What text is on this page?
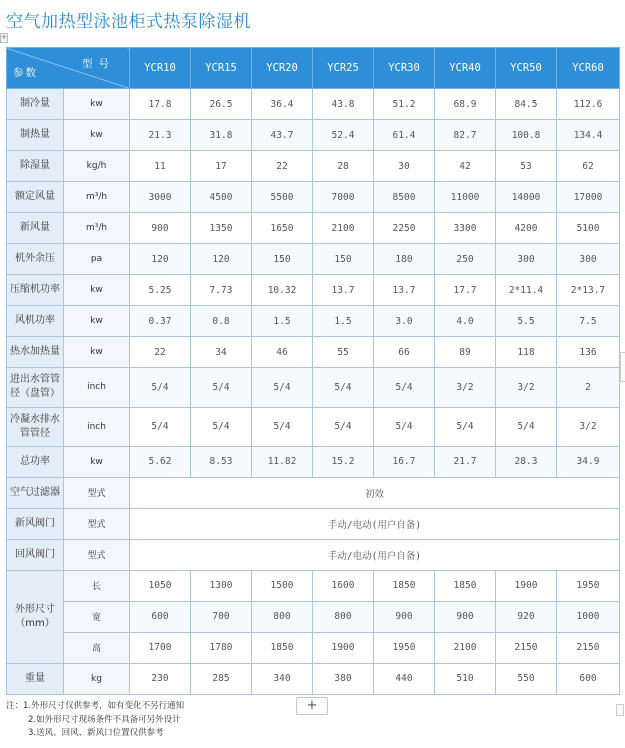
空气加热型泳池柜式热泵除湿机
+
型号
参数		YCR10	YCR15	YCR20	YCR25	YCR30	YCR40	YCR50	YCR60
制冷量	kw	17.8	26.5	36.4	43.8	51.2	68.9	84.5	112.6
制热量	kw	21.3	31.8	43.7	52.4	61.4	82.7	100.8	134.4
除湿量	kg/h	11	17	22	28	30	42	53	62
额定风量	m³/h	3000	4500	5500	7000	8500	11000	14000	17000
新风量	m³/h	900	1350	1650	2100	2250	3300	4200	5100
机外余压	pa	120	120	150	150	180	250	300	300
压缩机功率	kw	5.25	7.73	10.32	13.7	13.7	17.7	2*11.4	2*13.7
风机功率	kw	0.37	0.8	1.5	1.5	3.0	4.0	5.5	7.5
热水加热量	kw	22	34	46	55	66	89	118	136
进出水管管径（盘管）	inch	5/4	5/4	5/4	5/4	5/4	3/2	3/2	2
冷凝水排水管管径	inch	5/4	5/4	5/4	5/4	5/4	5/4	5/4	3/2
总功率	kw	5.62	8.53	11.82	15.2	16.7	21.7	28.3	34.9
空气过滤器	型式	初效							
新风阀门	型式	手动/电动(用户自备)							
回风阀门	型式	手动/电动(用户自备)							
外形尺寸（mm）	长	1050	1300	1500	1600	1850	1850	1900	1950
	宽	600	700	800	800	900	900	920	1000
	高	1700	1780	1850	1900	1950	2100	2150	2150
重量	kg	230	285	340	380	440	510	550	600
+
注：1.外形尺寸仅供参考，如有变化不另行通知
2.如外形尺寸现场条件不具备可另外设计
3.送风、回风、新风口位置仅供参考
